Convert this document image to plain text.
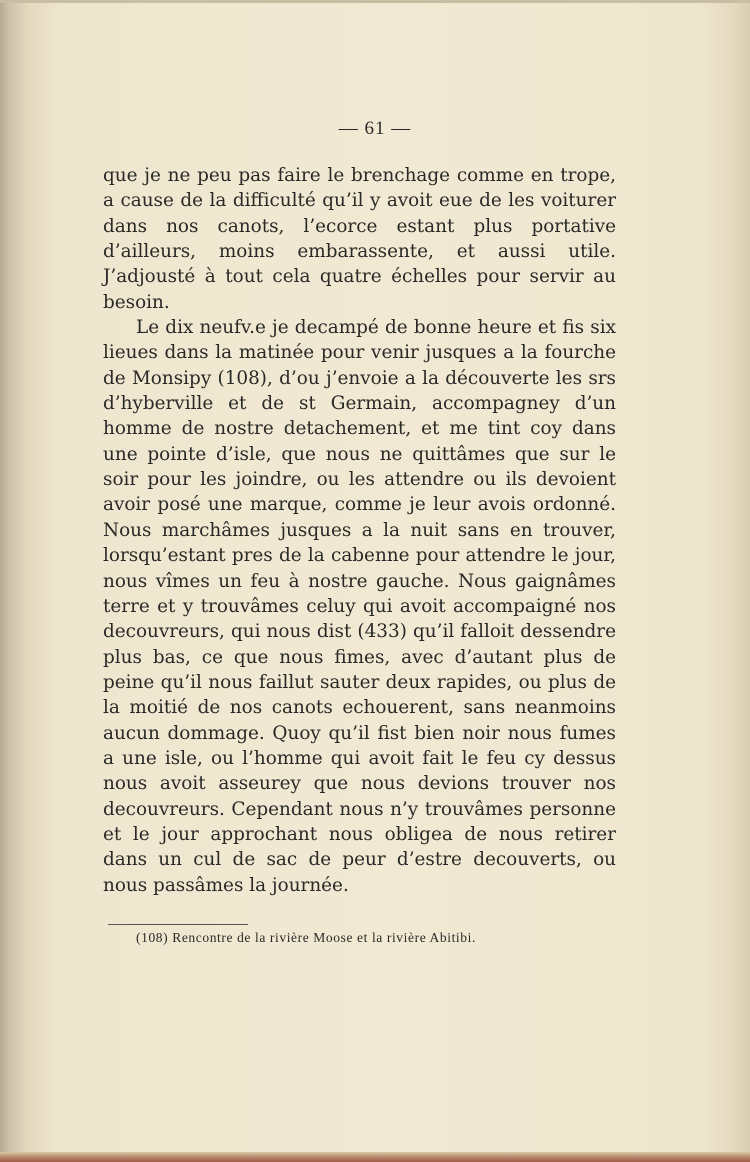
— 61 —

que je ne peu pas faire le brenchage comme en trope, a cause de la difficulté qu’il y avoit eue de les voiturer dans nos canots, l’ecorce estant plus portative d’ailleurs, moins embarassente, et aussi utile. J’adjousté à tout cela quatre échelles pour servir au besoin.

Le dix neufv.e je decampé de bonne heure et fis six lieues dans la matinée pour venir jusques a la fourche de Monsipy (108), d’ou j’envoie a la découverte les srs d’hyberville et de st Germain, accompagney d’un homme de nostre detachement, et me tint coy dans une pointe d’isle, que nous ne quittâmes que sur le soir pour les joindre, ou les attendre ou ils devoient avoir posé une marque, comme je leur avois ordonné. Nous marchâmes jusques a la nuit sans en trouver, lorsqu’estant pres de la cabenne pour attendre le jour, nous vîmes un feu à nostre gauche. Nous gaignâmes terre et y trouvâmes celuy qui avoit accompaigné nos decouvreurs, qui nous dist (433) qu’il falloit dessendre plus bas, ce que nous fimes, avec d’autant plus de peine qu’il nous faillut sauter deux rapides, ou plus de la moitié de nos canots echouerent, sans neanmoins aucun dommage. Quoy qu’il fist bien noir nous fumes a une isle, ou l’homme qui avoit fait le feu cy dessus nous avoit asseurey que nous devions trouver nos decouvreurs. Cependant nous n’y trouvâmes personne et le jour approchant nous obligea de nous retirer dans un cul de sac de peur d’estre decouverts, ou nous passâmes la journée.

(108) Rencontre de la rivière Moose et la rivière Abitibi.
